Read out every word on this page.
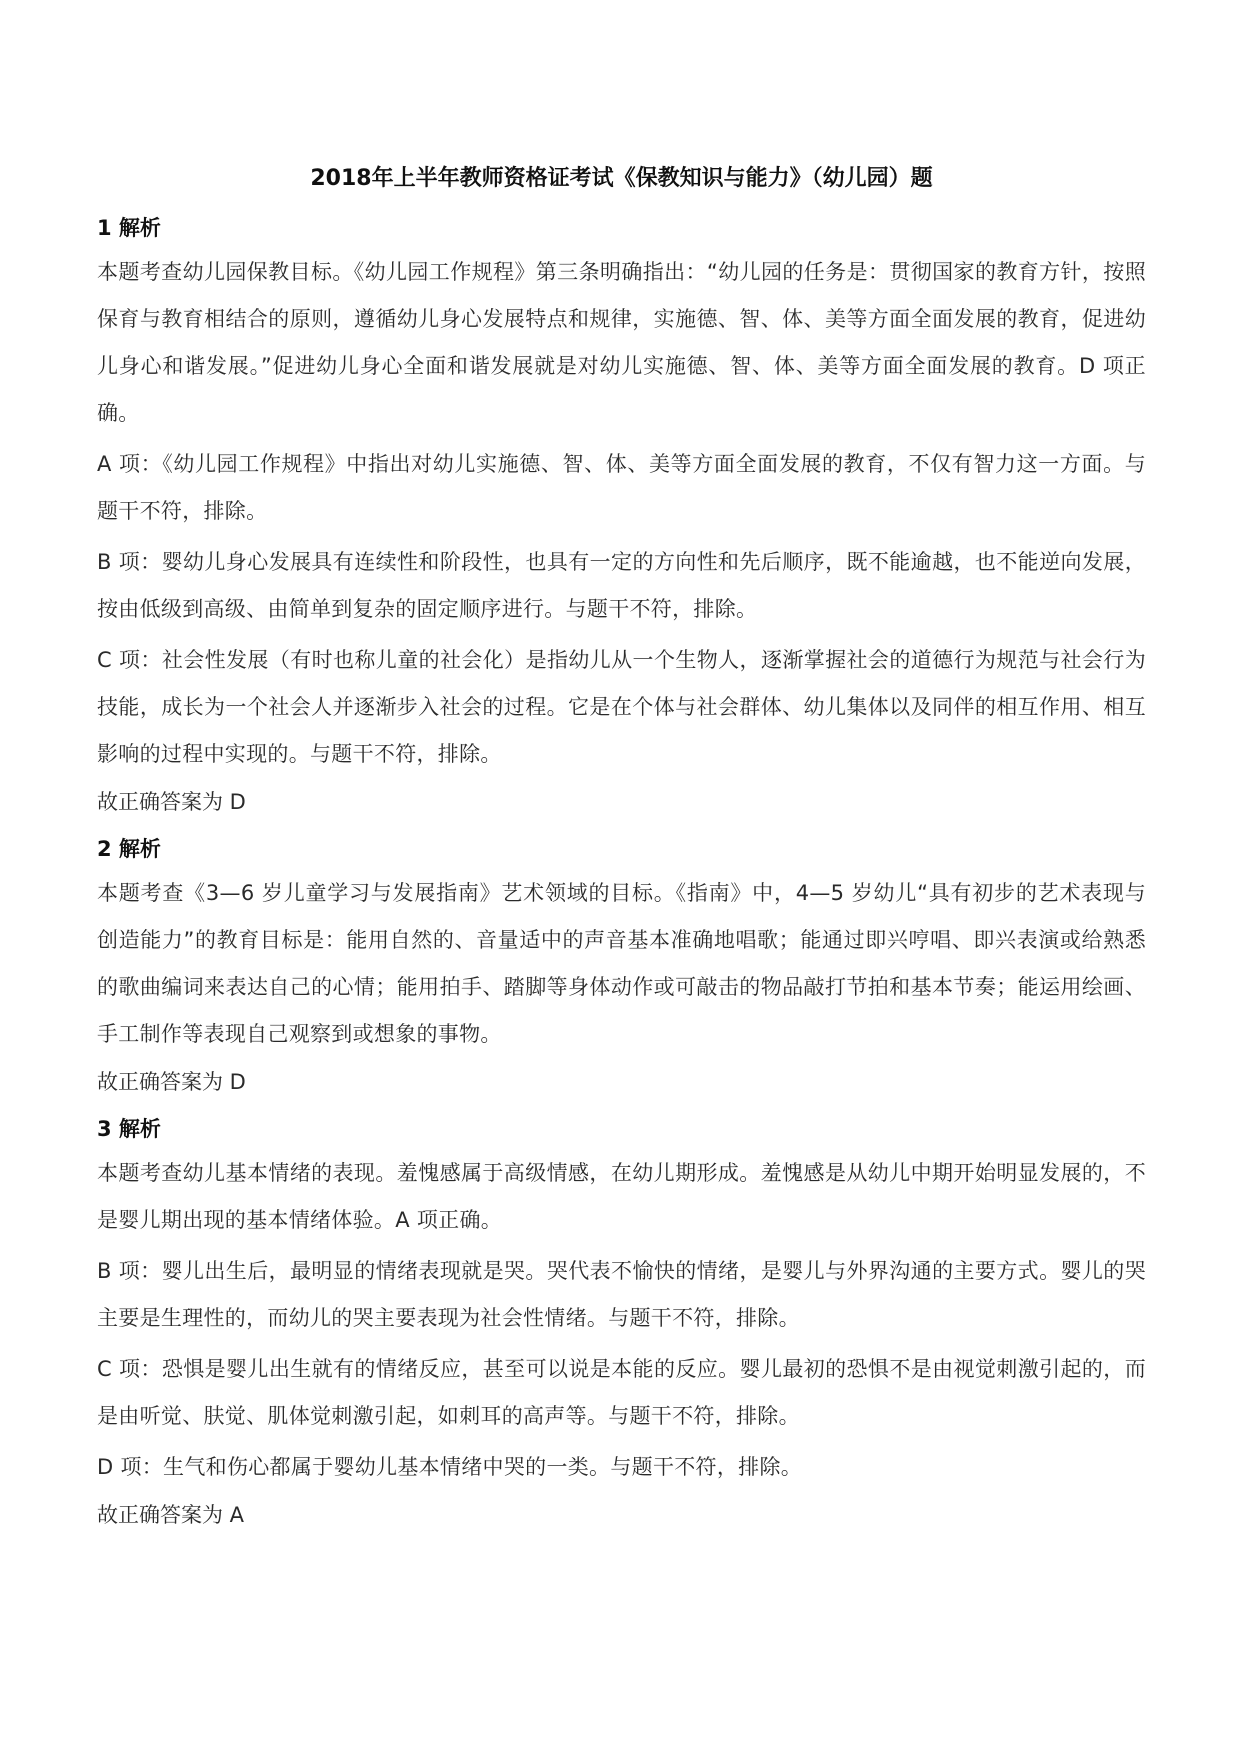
2018年上半年教师资格证考试《保教知识与能力》（幼儿园）题
1 解析

本题考查幼儿园保教目标。《幼儿园工作规程》第三条明确指出：“幼儿园的任务是：贯彻国家的教育方针，按照保育与教育相结合的原则，遵循幼儿身心发展特点和规律，实施德、智、体、美等方面全面发展的教育，促进幼儿身心和谐发展。”促进幼儿身心全面和谐发展就是对幼儿实施德、智、体、美等方面全面发展的教育。D 项正确。

A 项：《幼儿园工作规程》中指出对幼儿实施德、智、体、美等方面全面发展的教育，不仅有智力这一方面。与题干不符，排除。

B 项：婴幼儿身心发展具有连续性和阶段性，也具有一定的方向性和先后顺序，既不能逾越，也不能逆向发展，按由低级到高级、由简单到复杂的固定顺序进行。与题干不符，排除。

C 项：社会性发展（有时也称儿童的社会化）是指幼儿从一个生物人，逐渐掌握社会的道德行为规范与社会行为技能，成长为一个社会人并逐渐步入社会的过程。它是在个体与社会群体、幼儿集体以及同伴的相互作用、相互影响的过程中实现的。与题干不符，排除。

故正确答案为 D
2 解析

本题考查《3—6 岁儿童学习与发展指南》艺术领域的目标。《指南》中，4—5 岁幼儿“具有初步的艺术表现与创造能力”的教育目标是：能用自然的、音量适中的声音基本准确地唱歌；能通过即兴哼唱、即兴表演或给熟悉的歌曲编词来表达自己的心情；能用拍手、踏脚等身体动作或可敲击的物品敲打节拍和基本节奏；能运用绘画、手工制作等表现自己观察到或想象的事物。

故正确答案为 D
3 解析

本题考查幼儿基本情绪的表现。羞愧感属于高级情感，在幼儿期形成。羞愧感是从幼儿中期开始明显发展的，不是婴儿期出现的基本情绪体验。A 项正确。

B 项：婴儿出生后，最明显的情绪表现就是哭。哭代表不愉快的情绪，是婴儿与外界沟通的主要方式。婴儿的哭主要是生理性的，而幼儿的哭主要表现为社会性情绪。与题干不符，排除。

C 项：恐惧是婴儿出生就有的情绪反应，甚至可以说是本能的反应。婴儿最初的恐惧不是由视觉刺激引起的，而是由听觉、肤觉、肌体觉刺激引起，如刺耳的高声等。与题干不符，排除。

D 项：生气和伤心都属于婴幼儿基本情绪中哭的一类。与题干不符，排除。

故正确答案为 A
